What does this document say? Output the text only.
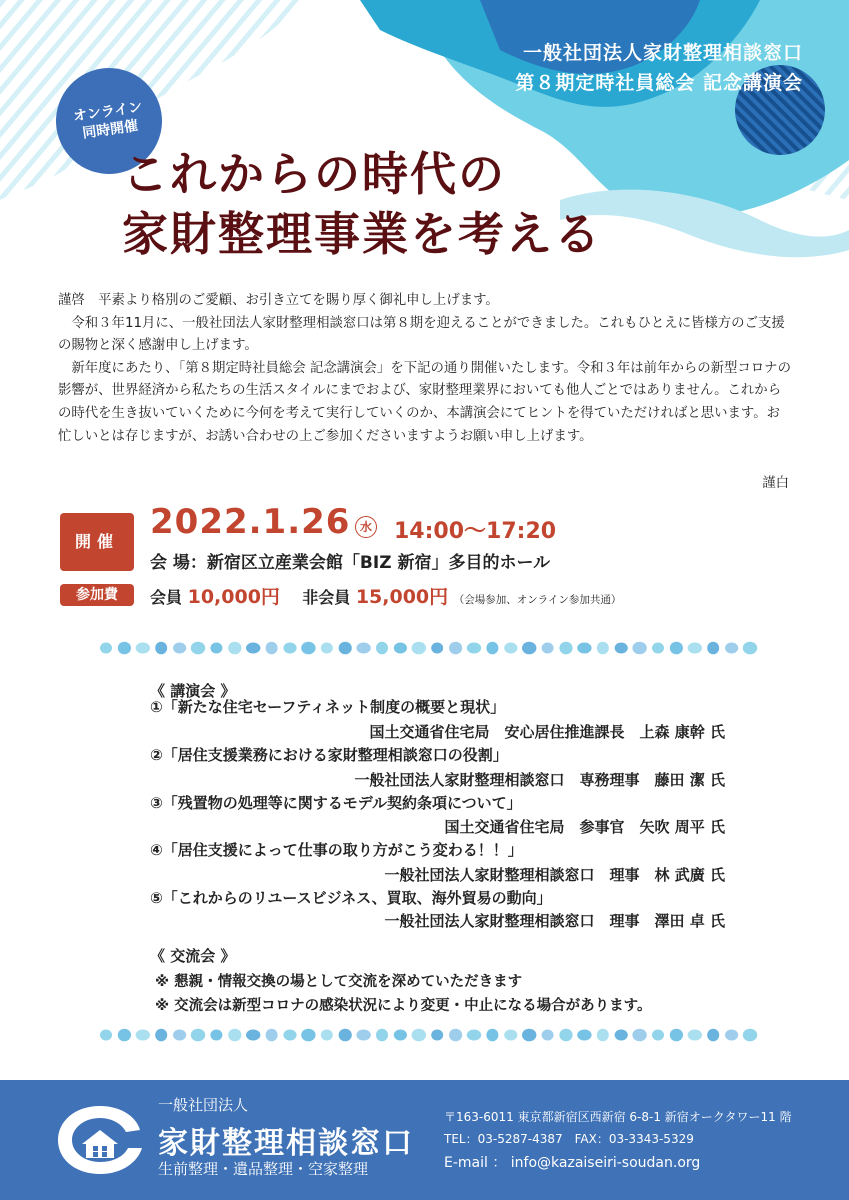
一般社団法人家財整理相談窓口
第８期定時社員総会 記念講演会
オンライン
同時開催
これからの時代の
家財整理事業を考える

謹啓　平素より格別のご愛顧、お引き立てを賜り厚く御礼申し上げます。

令和３年11月に、一般社団法人家財整理相談窓口は第８期を迎えることができました。これもひとえに皆様方のご支援の賜物と深く感謝申し上げます。

新年度にあたり、「第８期定時社員総会 記念講演会」を下記の通り開催いたします。令和３年は前年からの新型コロナの影響が、世界経済から私たちの生活スタイルにまでおよび、家財整理業界においても他人ごとではありません。これからの時代を生き抜いていくために今何を考えて実行していくのか、本講演会にてヒントを得ていただければと思います。お忙しいとは存じますが、お誘い合わせの上ご参加くださいますようお願い申し上げます。

謹白
開催 2022.1.26 水 14:00～17:20
会 場：新宿区立産業会館「BIZ 新宿」多目的ホール
参加費	会員 10,000円 非会員 15,000円 （会場参加、オンライン参加共通）
《 講演会 》
①「新たな住宅セーフティネット制度の概要と現状」
国土交通省住宅局　安心居住推進課長　上森 康幹 氏
②「居住支援業務における家財整理相談窓口の役割」
一般社団法人家財整理相談窓口　専務理事　藤田 潔 氏
③「残置物の処理等に関するモデル契約条項について」
国土交通省住宅局　参事官　矢吹 周平 氏
④「居住支援によって仕事の取り方がこう変わる！！」
一般社団法人家財整理相談窓口　理事　林 武廣 氏
⑤「これからのリユースビジネス、買取、海外貿易の動向」
一般社団法人家財整理相談窓口　理事　澤田 卓 氏
《 交流会 》
※ 懇親・情報交換の場として交流を深めていただきます
※ 交流会は新型コロナの感染状況により変更・中止になる場合があります。
一般社団法人
家財整理相談窓口
生前整理・遺品整理・空家整理
〒163-6011 東京都新宿区西新宿 6-8-1 新宿オークタワー11 階
TEL：03-5287-4387　FAX：03-3343-5329
E-mail ： info@kazaiseiri-soudan.org
